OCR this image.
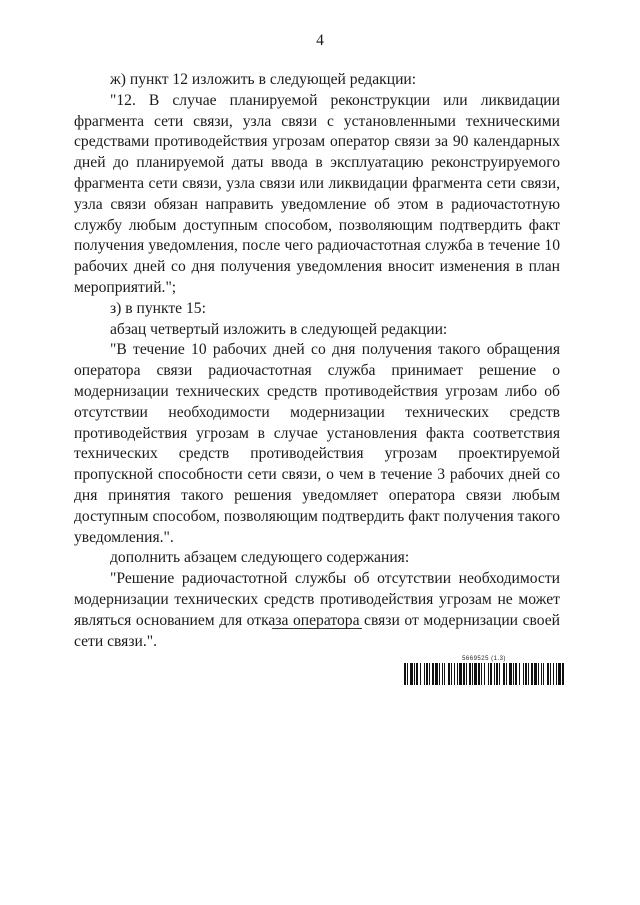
4

ж) пункт 12 изложить в следующей редакции:

"12. В случае планируемой реконструкции или ликвидации фрагмента сети связи, узла связи с установленными техническими средствами противодействия угрозам оператор связи за 90 календарных дней до планируемой даты ввода в эксплуатацию реконструируемого фрагмента сети связи, узла связи или ликвидации фрагмента сети связи, узла связи обязан направить уведомление об этом в радиочастотную службу любым доступным способом, позволяющим подтвердить факт получения уведомления, после чего радиочастотная служба в течение 10 рабочих дней со дня получения уведомления вносит изменения в план мероприятий.";

з) в пункте 15:

абзац четвертый изложить в следующей редакции:

"В течение 10 рабочих дней со дня получения такого обращения оператора связи радиочастотная служба принимает решение о модернизации технических средств противодействия угрозам либо об отсутствии необходимости модернизации технических средств противодействия угрозам в случае установления факта соответствия технических средств противодействия угрозам проектируемой пропускной способности сети связи, о чем в течение 3 рабочих дней со дня принятия такого решения уведомляет оператора связи любым доступным способом, позволяющим подтвердить факт получения такого уведомления.".

дополнить абзацем следующего содержания:

"Решение радиочастотной службы об отсутствии необходимости модернизации технических средств противодействия угрозам не может являться основанием для отказа оператора связи от модернизации своей сети связи.".

5669525 (1.3)
